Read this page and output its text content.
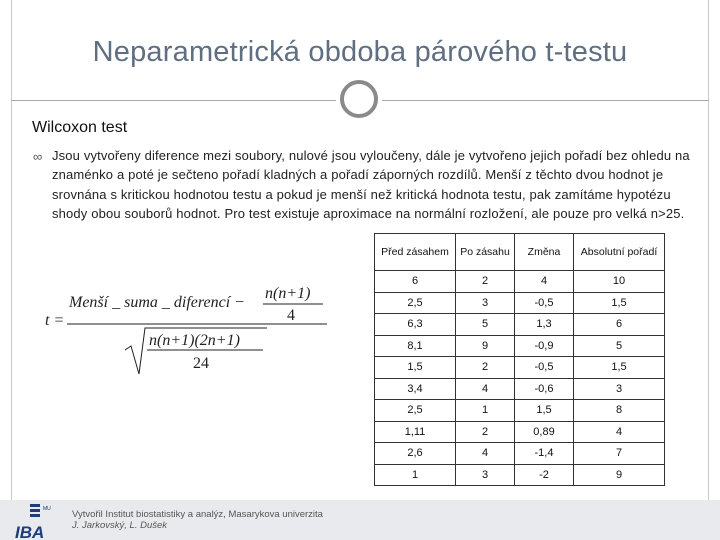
Neparametrická obdoba párového t-testu
Wilcoxon test
∞ Jsou vytvořeny diference mezi soubory, nulové jsou vyloučeny, dále je vytvořeno jejich pořadí bez ohledu na znaménko a poté je sečteno pořadí kladných a pořadí záporných rozdílů. Menší z těchto dvou hodnot je srovnána s kritickou hodnotou testu a pokud je menší než kritická hodnota testu, pak zamítáme hypotézu shody obou souborů hodnot. Pro test existuje aproximace na normální rozložení, ale pouze pro velká n>25.
t =
Menší _ suma _ diferencí −
n(n+1)
4
n(n+1)(2n+1)
24
Před zásahem	Po zásahu	Změna	Absolutní pořadí
6	2	4	10
2,5	3	-0,5	1,5
6,3	5	1,3	6
8,1	9	-0,9	5
1,5	2	-0,5	1,5
3,4	4	-0,6	3
2,5	1	1,5	8
1,11	2	0,89	4
2,6	4	-1,4	7
1	3	-2	9
MU
IBA
Vytvořil Institut biostatistiky a analýz, Masarykova univerzita
J. Jarkovský, L. Dušek
